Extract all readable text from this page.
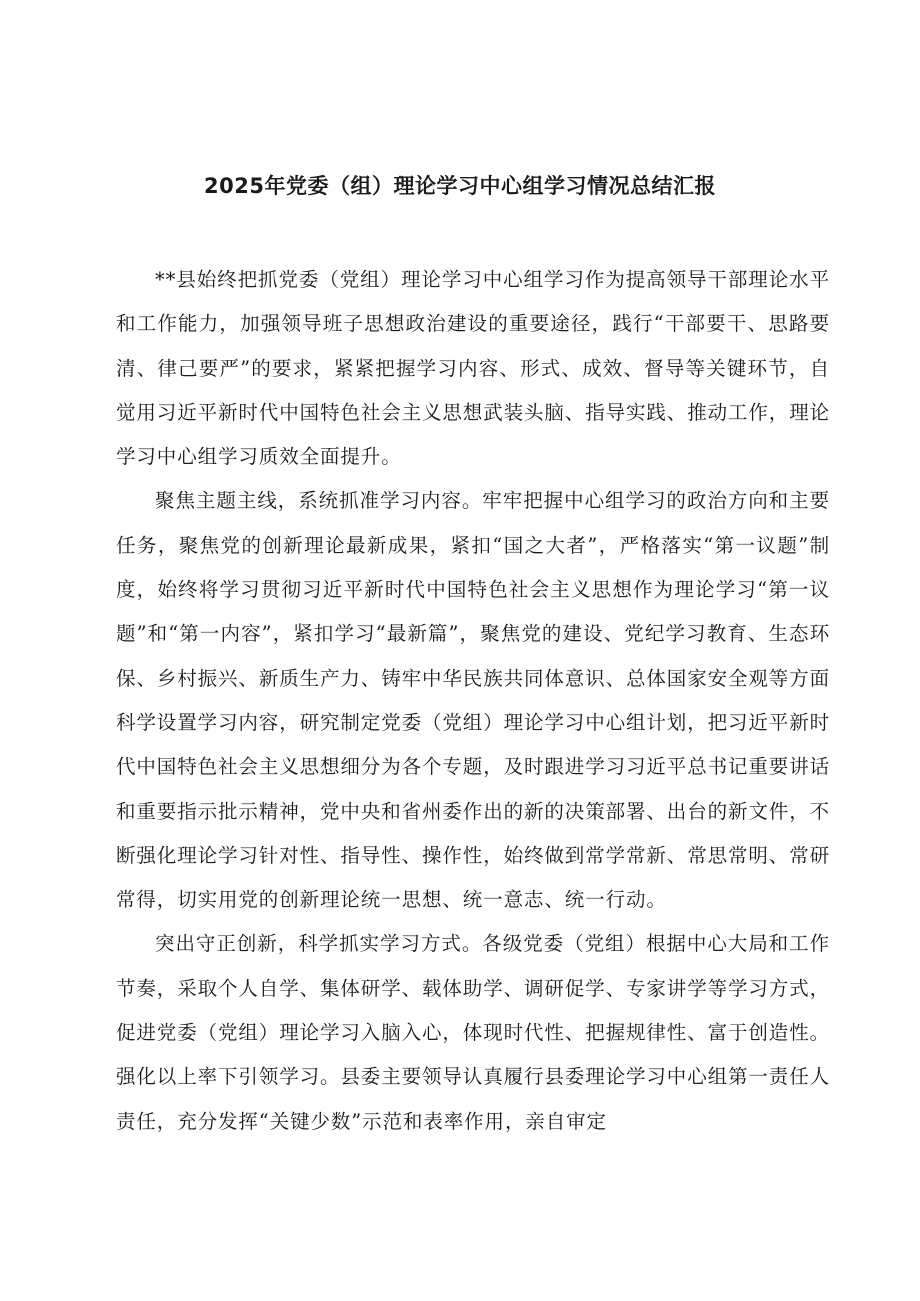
2025年党委（组）理论学习中心组学习情况总结汇报

**县始终把抓党委（党组）理论学习中心组学习作为提高领导干部理论水平和工作能力，加强领导班子思想政治建设的重要途径，践行“干部要干、思路要清、律己要严”的要求，紧紧把握学习内容、形式、成效、督导等关键环节，自觉用习近平新时代中国特色社会主义思想武装头脑、指导实践、推动工作，理论学习中心组学习质效全面提升。

聚焦主题主线，系统抓准学习内容。牢牢把握中心组学习的政治方向和主要任务，聚焦党的创新理论最新成果，紧扣“国之大者”，严格落实“第一议题”制度，始终将学习贯彻习近平新时代中国特色社会主义思想作为理论学习“第一议题”和“第一内容”，紧扣学习“最新篇”，聚焦党的建设、党纪学习教育、生态环保、乡村振兴、新质生产力、铸牢中华民族共同体意识、总体国家安全观等方面科学设置学习内容，研究制定党委（党组）理论学习中心组计划，把习近平新时代中国特色社会主义思想细分为各个专题，及时跟进学习习近平总书记重要讲话和重要指示批示精神，党中央和省州委作出的新的决策部署、出台的新文件，不断强化理论学习针对性、指导性、操作性，始终做到常学常新、常思常明、常研常得，切实用党的创新理论统一思想、统一意志、统一行动。

突出守正创新，科学抓实学习方式。各级党委（党组）根据中心大局和工作节奏，采取个人自学、集体研学、载体助学、调研促学、专家讲学等学习方式，促进党委（党组）理论学习入脑入心，体现时代性、把握规律性、富于创造性。强化以上率下引领学习。县委主要领导认真履行县委理论学习中心组第一责任人责任，充分发挥“关键少数”示范和表率作用，亲自审定
